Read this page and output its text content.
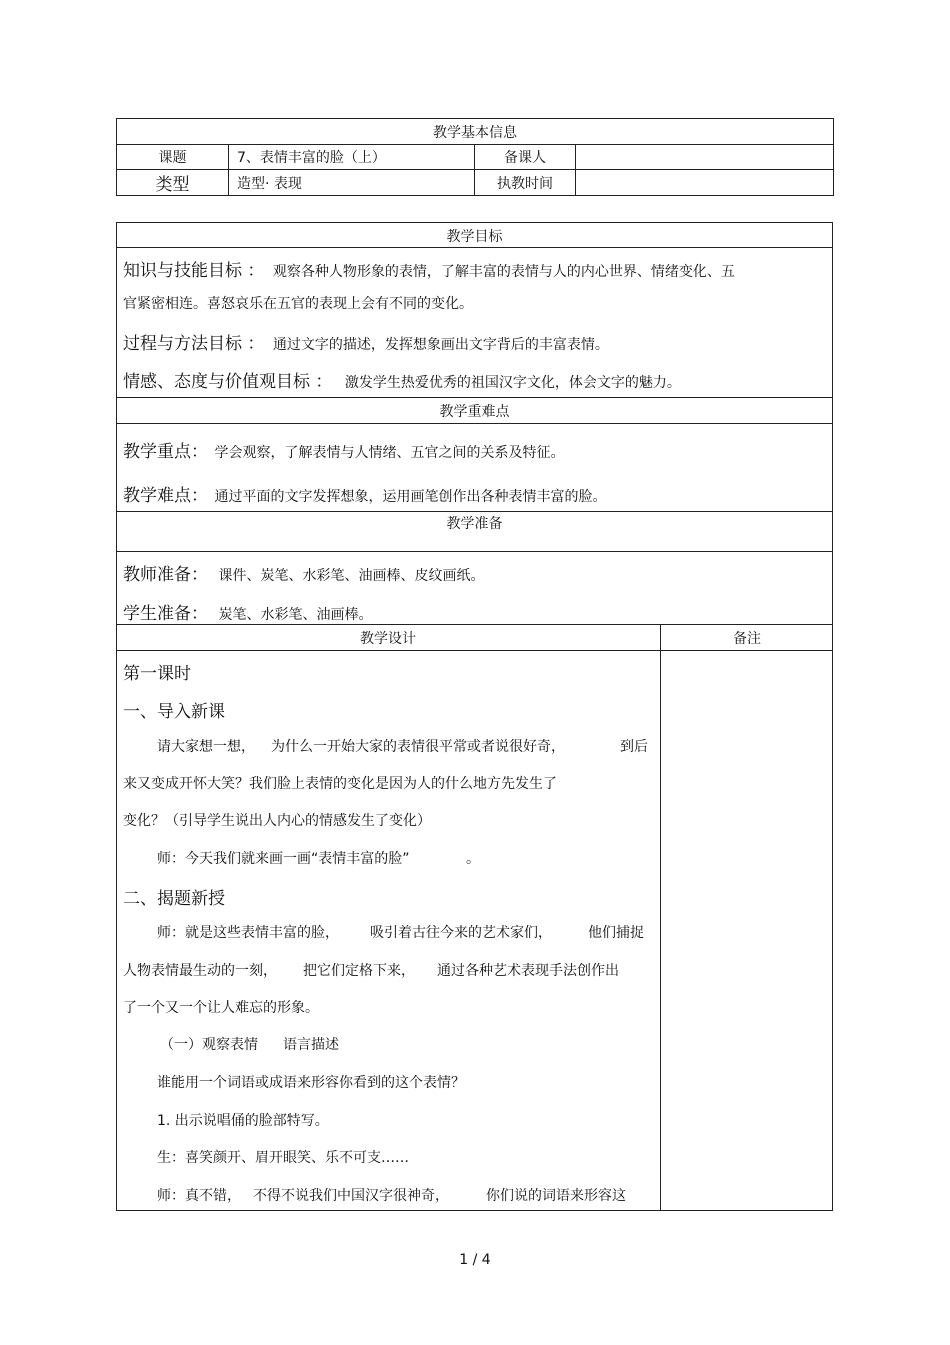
教学基本信息			
课题	7、表情丰富的脸（上）	备课人	
类型	造型· 表现	执教时间	
教学目标
知识与技能目标 ： 观察各种人物形象的表情，了解丰富的表情与人的内心世界、情绪变化、五
官紧密相连。喜怒哀乐在五官的表现上会有不同的变化。
过程与方法目标 ： 通过文字的描述，发挥想象画出文字背后的丰富表情。
情感、态度与价值观目标 ： 激发学生热爱优秀的祖国汉字文化，体会文字的魅力。
教学重难点
教学重点： 学会观察，了解表情与人情绪、五官之间的关系及特征。
教学难点： 通过平面的文字发挥想象，运用画笔创作出各种表情丰富的脸。
教学准备
教师准备： 课件、炭笔、水彩笔、油画棒、皮纹画纸。
学生准备： 炭笔、水彩笔、油画棒。
教学设计	备注
第一课时
一、导入新课
请大家想一想， 为什么一开始大家的表情很平常或者说很好奇，	到后
来又变成开怀大笑？我们脸上表情的变化是因为人的什么地方先发生了
变化？（引导学生说出人内心的情感发生了变化）
师：今天我们就来画一画“表情丰富的脸”	。
二、揭题新授
师：就是这些表情丰富的脸， 吸引着古往今来的艺术家们，	他们捕捉
人物表情最生动的一刻， 把它们定格下来， 通过各种艺术表现手法创作出
了一个又一个让人难忘的形象。
（一）观察表情 语言描述
谁能用一个词语或成语来形容你看到的这个表情？
1. 出示说唱俑的脸部特写。
生：喜笑颜开、眉开眼笑、乐不可支……
师：真不错， 不得不说我们中国汉字很神奇，	你们说的词语来形容这
1 / 4
